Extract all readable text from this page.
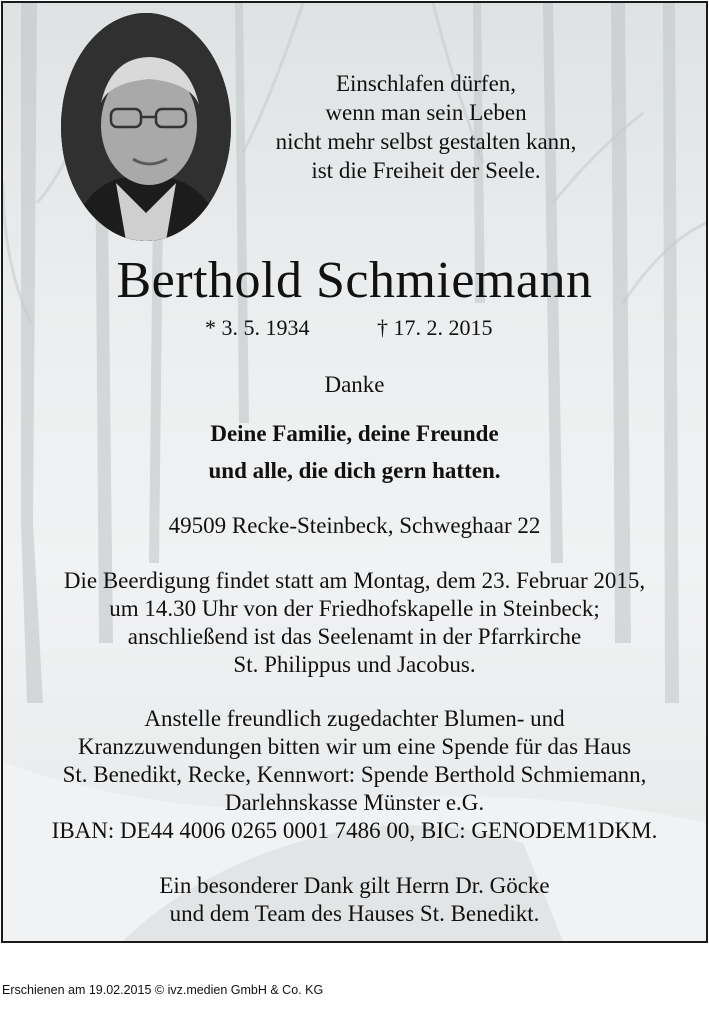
Einschlafen dürfen,
wenn man sein Leben
nicht mehr selbst gestalten kann,
ist die Freiheit der Seele.
Berthold Schmiemann
* 3. 5. 1934	† 17. 2. 2015
Danke
Deine Familie, deine Freunde
und alle, die dich gern hatten.
49509 Recke-Steinbeck, Schweghaar 22
Die Beerdigung findet statt am Montag, dem 23. Februar 2015,
um 14.30 Uhr von der Friedhofskapelle in Steinbeck;
anschließend ist das Seelenamt in der Pfarrkirche
St. Philippus und Jacobus.
Anstelle freundlich zugedachter Blumen- und
Kranzzuwendungen bitten wir um eine Spende für das Haus
St. Benedikt, Recke, Kennwort: Spende Berthold Schmiemann,
Darlehnskasse Münster e.G.
IBAN: DE44 4006 0265 0001 7486 00, BIC: GENODEM1DKM.
Ein besonderer Dank gilt Herrn Dr. Göcke
und dem Team des Hauses St. Benedikt.
Erschienen am 19.02.2015 © ivz.medien GmbH & Co. KG
